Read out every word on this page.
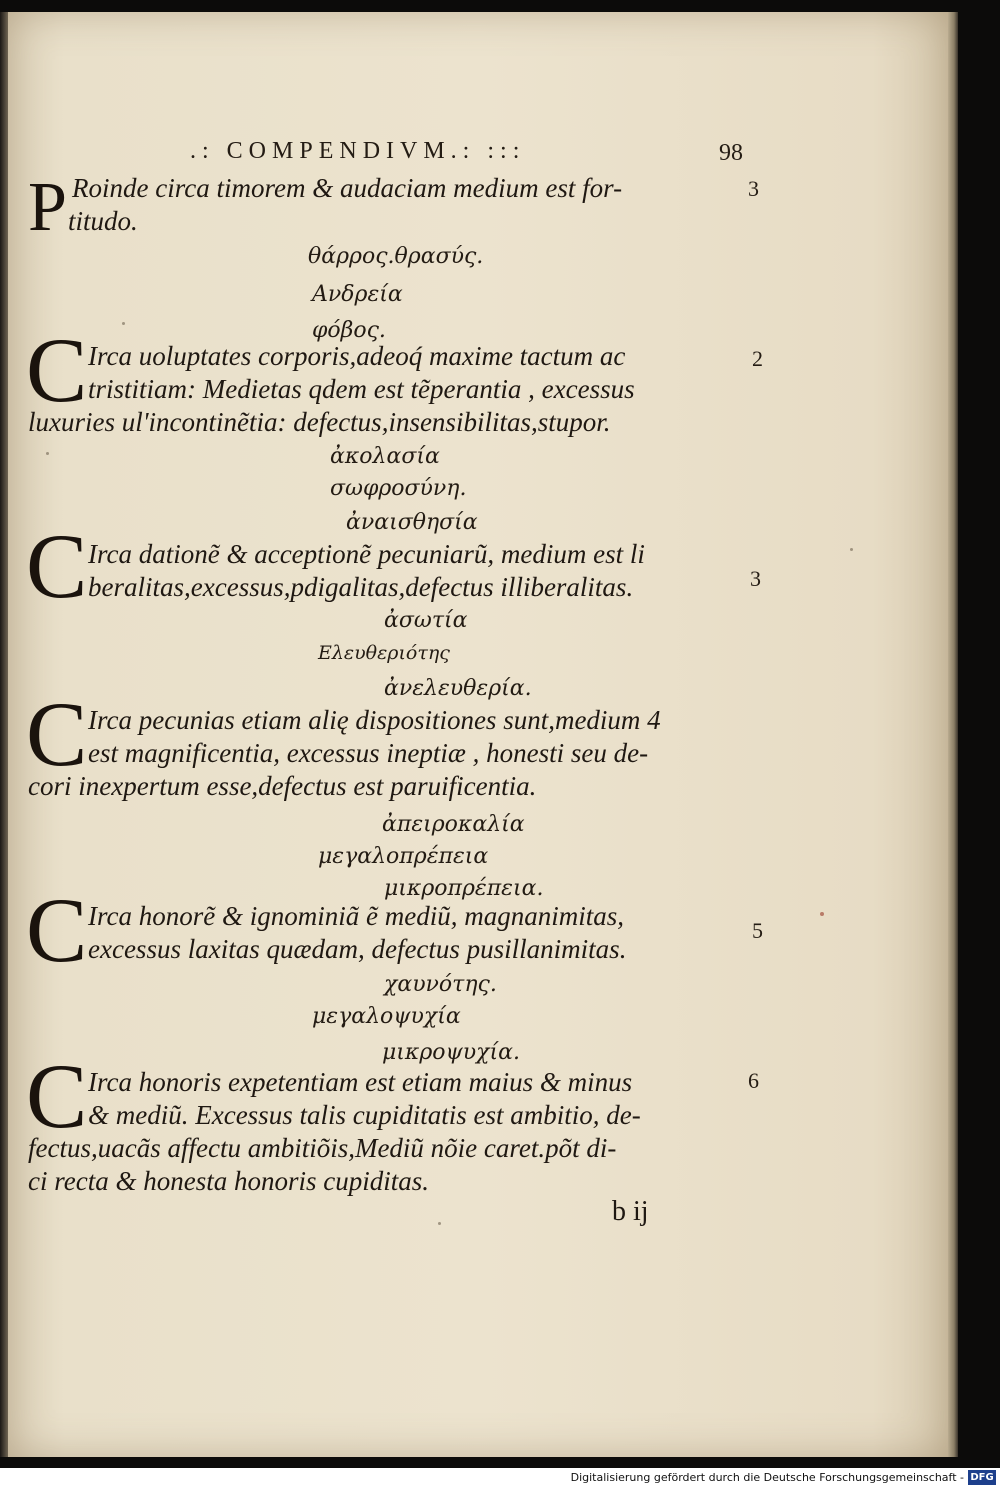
.: COMPENDIVM.: :::	98
P Roinde circa timorem & audaciam medium est for-
titudo.
3
θάρρος.θρασύς.
Ανδρεία
φόβος.
C Irca uoluptates corporis,adeoq́ maxime tactum ac
tristitiam: Medietas qdem est tẽperantia , excessus
luxuries ul'incontinẽtia: defectus,insensibilitas,stupor.
2
ἀκολασία
σωφροσύνη.
ἀναισθησία
C Irca dationẽ & acceptionẽ pecuniarũ, medium est li
beralitas,excessus,pdigalitas,defectus illiberalitas.	3
ἀσωτία
Ελευθεριότης
ἀνελευθερία.
C Irca pecunias etiam alię dispositiones sunt,medium 4
est magnificentia, excessus ineptiæ , honesti seu de-
cori inexpertum esse,defectus est paruificentia.
ἀπειροκαλία
μεγαλοπρέπεια
μικροπρέπεια.
C Irca honorẽ & ignominiã ẽ mediũ, magnanimitas,
excessus laxitas quædam, defectus pusillanimitas.
5
χαυνότης.
μεγαλοψυχία
μικροψυχία.
C Irca honoris expetentiam est etiam maius & minus
& mediũ. Excessus talis cupiditatis est ambitio, de-
fectus,uacãs affectu ambitiõis,Mediũ nõie caret.põt di-
ci recta & honesta honoris cupiditas.
6
b ij
Digitalisierung gefördert durch die Deutsche Forschungsgemeinschaft - DFG
